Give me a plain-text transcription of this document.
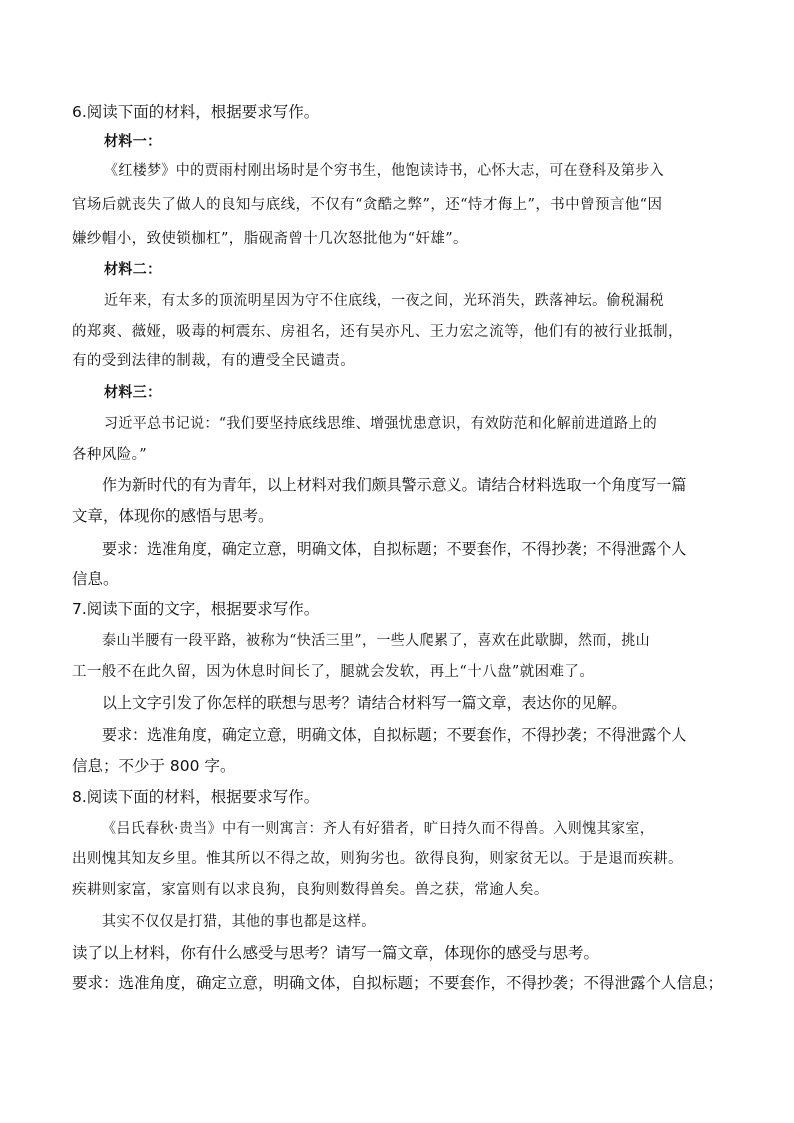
6.阅读下面的材料，根据要求写作。
材料一：
《红楼梦》中的贾雨村刚出场时是个穷书生，他饱读诗书，心怀大志，可在登科及第步入
官场后就丧失了做人的良知与底线，不仅有“贪酷之弊”，还“恃才侮上”，书中曾预言他“因
嫌纱帽小，致使锁枷杠”，脂砚斋曾十几次怒批他为“奸雄”。
材料二：
近年来，有太多的顶流明星因为守不住底线，一夜之间，光环消失，跌落神坛。偷税漏税
的郑爽、薇娅，吸毒的柯震东、房祖名，还有吴亦凡、王力宏之流等，他们有的被行业抵制，
有的受到法律的制裁，有的遭受全民谴责。
材料三：
习近平总书记说：“我们要坚持底线思维、增强忧患意识，有效防范和化解前进道路上的
各种风险。”
作为新时代的有为青年，以上材料对我们颇具警示意义。请结合材料选取一个角度写一篇
文章，体现你的感悟与思考。
要求：选准角度，确定立意，明确文体，自拟标题；不要套作，不得抄袭；不得泄露个人
信息。
7.阅读下面的文字，根据要求写作。
泰山半腰有一段平路，被称为“快活三里”，一些人爬累了，喜欢在此歇脚，然而，挑山
工一般不在此久留，因为休息时间长了，腿就会发软，再上“十八盘”就困难了。
以上文字引发了你怎样的联想与思考？请结合材料写一篇文章，表达你的见解。
要求：选准角度，确定立意，明确文体，自拟标题；不要套作，不得抄袭；不得泄露个人
信息；不少于 800 字。
8.阅读下面的材料，根据要求写作。
《吕氏春秋·贵当》中有一则寓言：齐人有好猎者，旷日持久而不得兽。入则愧其家室，
出则愧其知友乡里。惟其所以不得之故，则狗劣也。欲得良狗，则家贫无以。于是退而疾耕。
疾耕则家富，家富则有以求良狗，良狗则数得兽矣。兽之获，常逾人矣。
其实不仅仅是打猎，其他的事也都是这样。
读了以上材料，你有什么感受与思考？请写一篇文章，体现你的感受与思考。
要求：选准角度，确定立意，明确文体，自拟标题；不要套作，不得抄袭；不得泄露个人信息；
